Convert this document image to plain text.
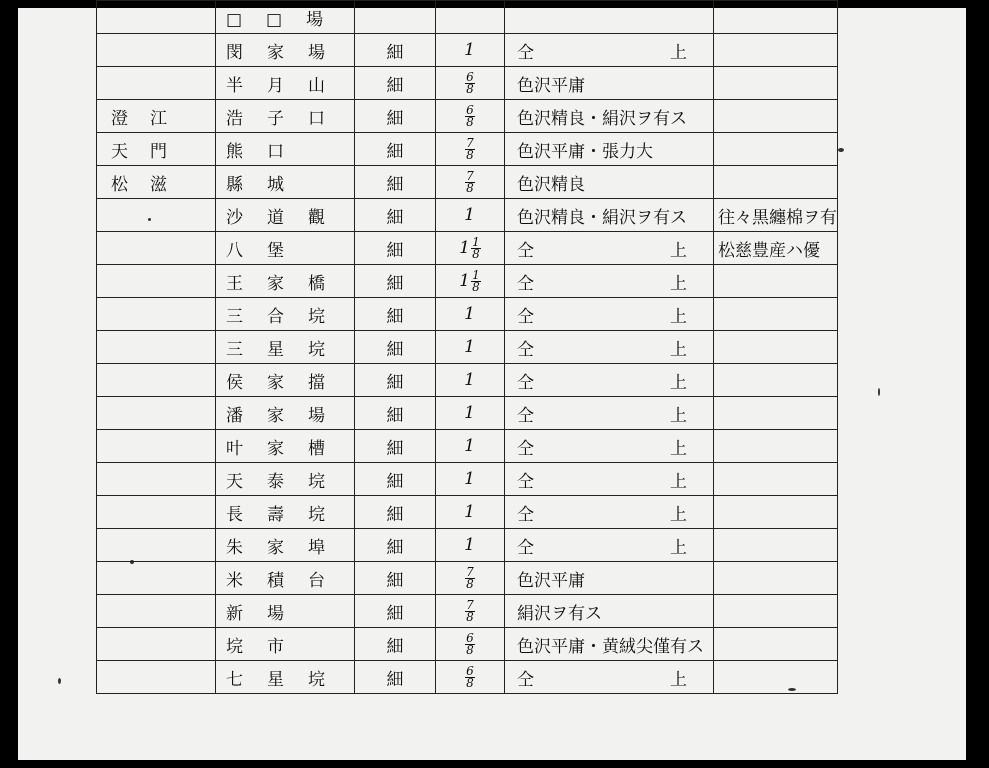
	□□場				
	閔家場	細	1	仝 上	

	半月山	細	$\frac{6}{8}$	色沢平庸	
澄江	浩子口	細	$\frac{6}{8}$	色沢精良・絹沢ヲ有ス	
天門	熊口	細	$\frac{7}{8}$	色沢平庸・張力大	
松滋	縣城	細	$\frac{7}{8}$	色沢精良	
	沙道觀	細	1	色沢精良・絹沢ヲ有ス	往々黒纏棉ヲ有
	八堡	細	$1 \frac{1}{8}$	仝 上	松慈豊産ハ優
	王家橋	細	$1 \frac{1}{8}$	仝 上	

	三合垸	細	1	仝 上	

	三星垸	細	1	仝 上	

	侯家擋	細	1	仝 上	

	潘家場	細	1	仝 上	

	叶家槽	細	1	仝 上	

	天泰垸	細	1	仝 上	

	長壽垸	細	1	仝 上	

	朱家埠	細	1	仝 上	

	米積台	細	$\frac{7}{8}$	色沢平庸	
	新場	細	$\frac{7}{8}$	絹沢ヲ有ス	
	垸市	細	$\frac{6}{8}$	色沢平庸・黄絨尖僅有ス	
	七星垸	細	$\frac{6}{8}$	仝 上	
